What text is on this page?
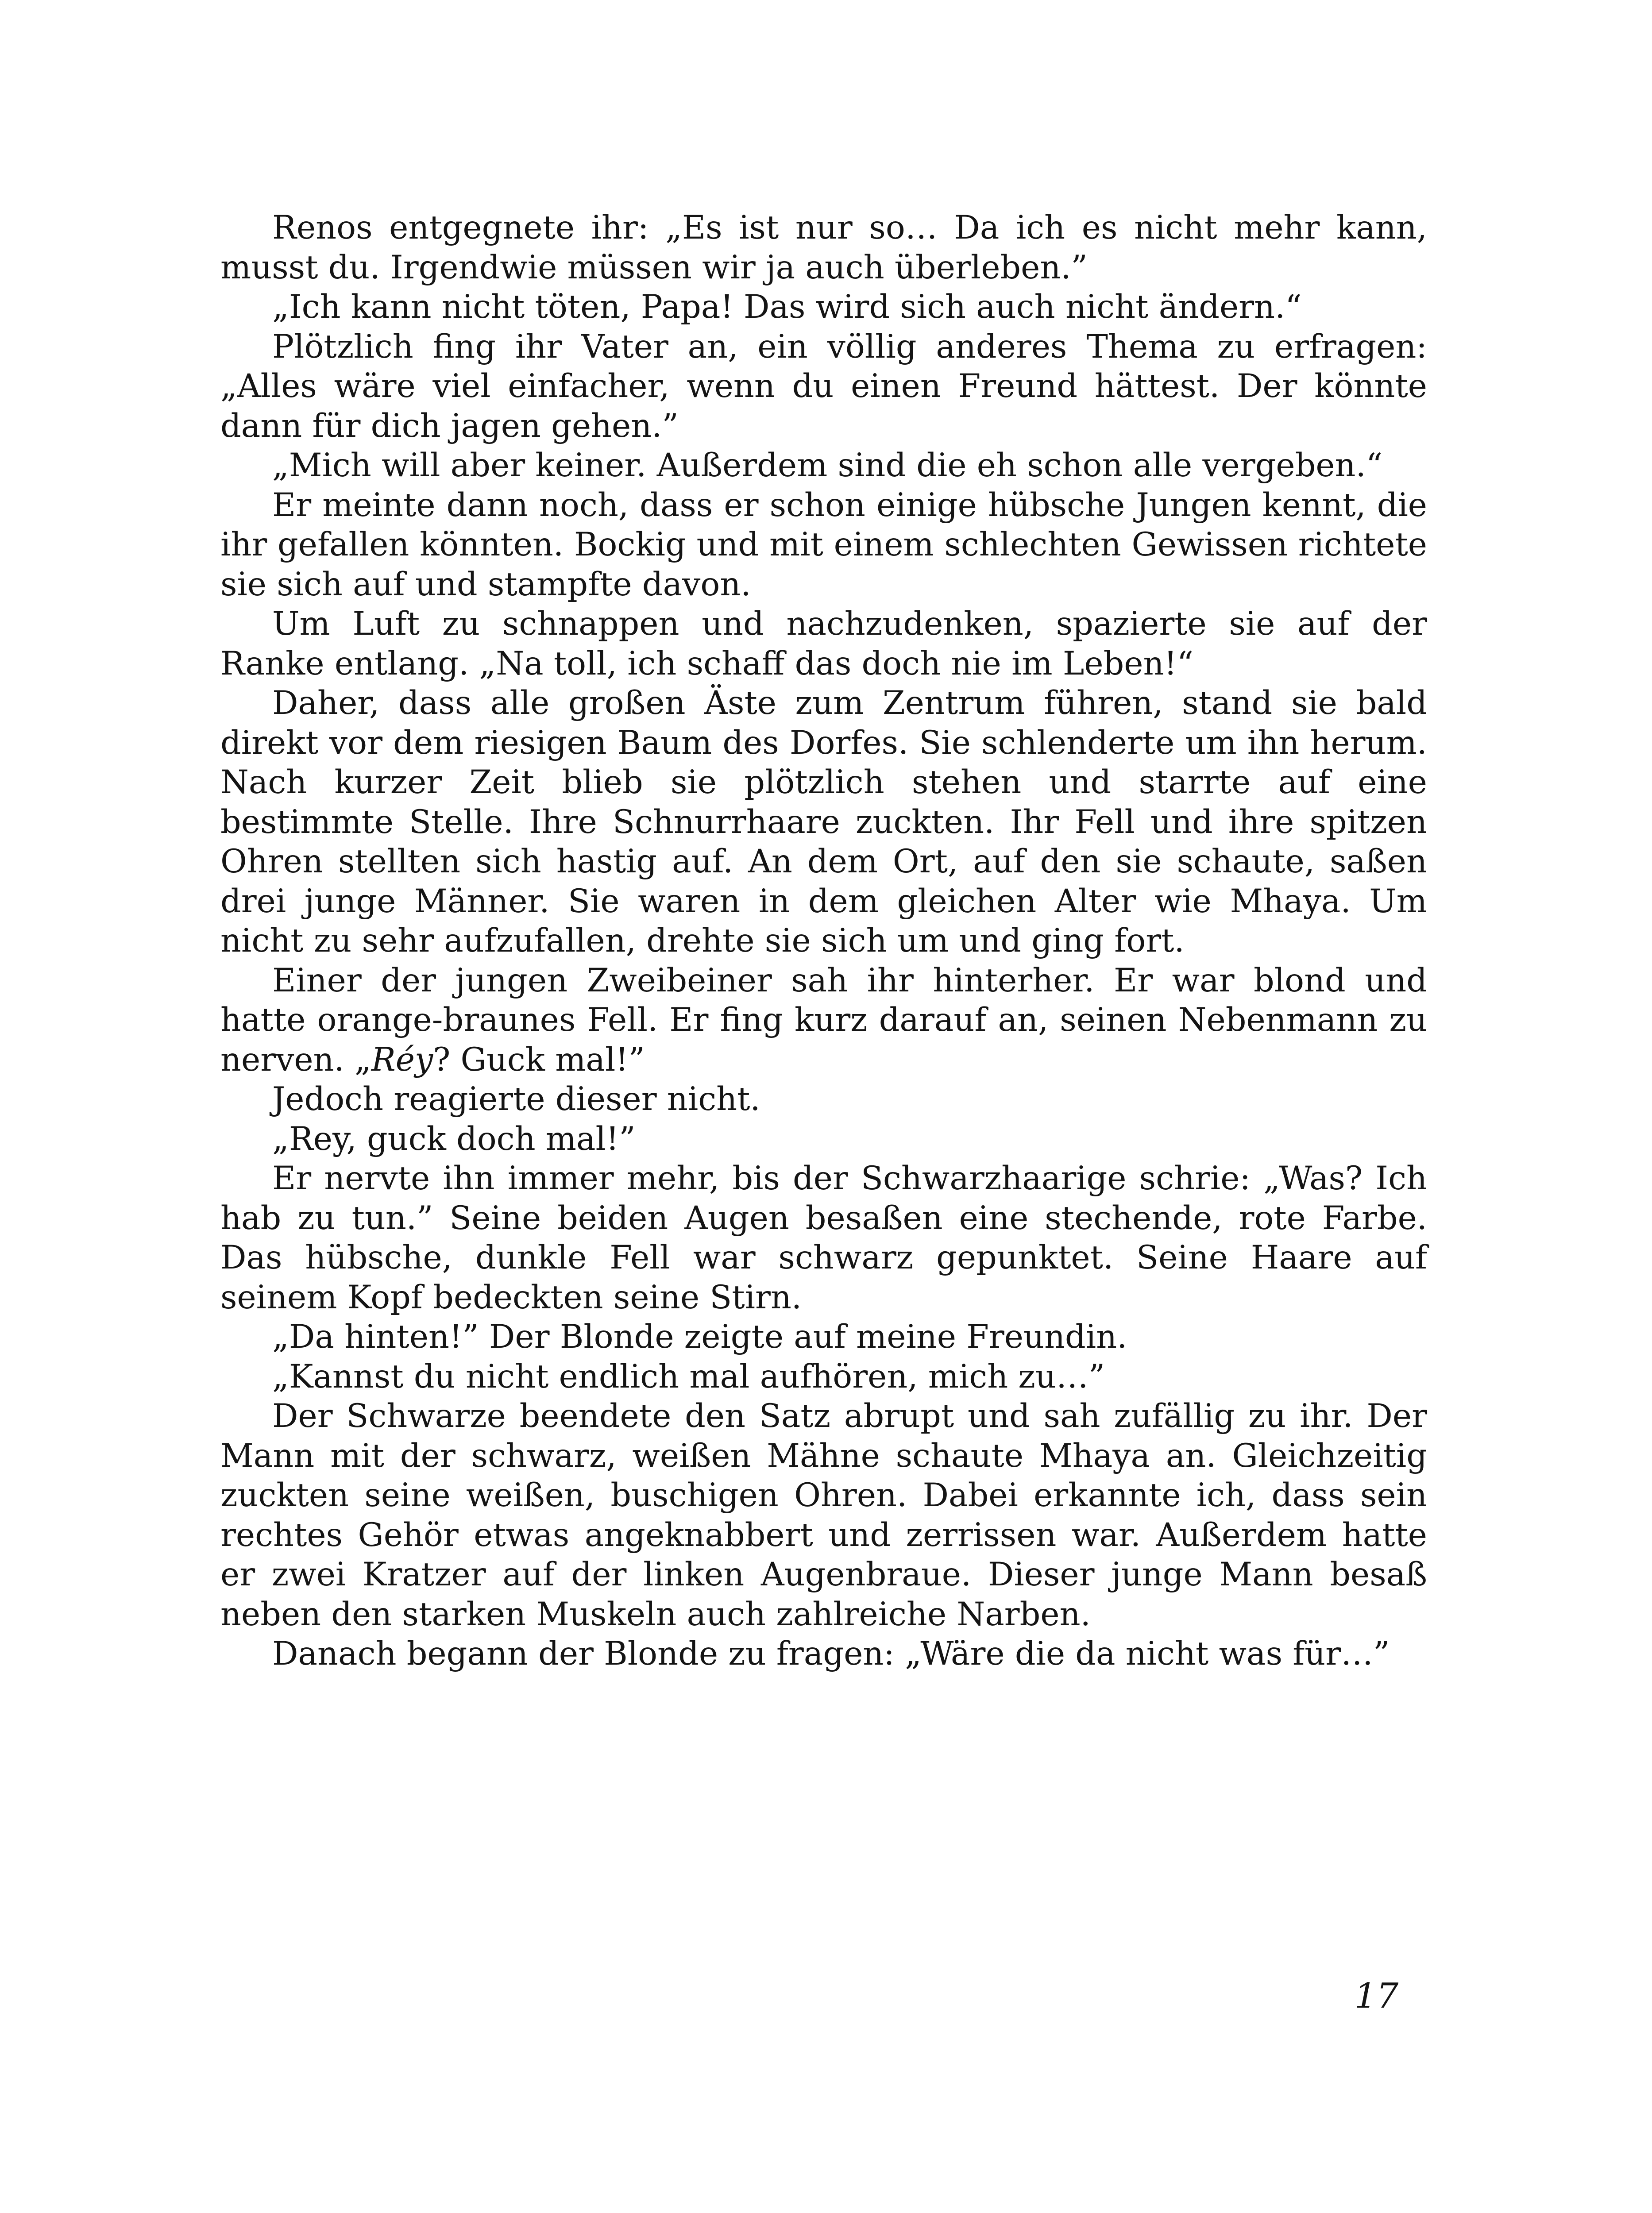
Renos entgegnete ihr: „Es ist nur so… Da ich es nicht mehr kann, musst du. Irgendwie müssen wir ja auch überleben.”

„Ich kann nicht töten, Papa! Das wird sich auch nicht ändern.“

Plötzlich fing ihr Vater an, ein völlig anderes Thema zu erfragen: „Alles wäre viel einfacher, wenn du einen Freund hättest. Der könnte dann für dich jagen gehen.”

„Mich will aber keiner. Außerdem sind die eh schon alle vergeben.“

Er meinte dann noch, dass er schon einige hübsche Jungen kennt, die ihr gefallen könnten. Bockig und mit einem schlechten Gewissen richtete sie sich auf und stampfte davon.

Um Luft zu schnappen und nachzudenken, spazierte sie auf der Ranke entlang. „Na toll, ich schaff das doch nie im Leben!“

Daher, dass alle großen Äste zum Zentrum führen, stand sie bald direkt vor dem riesigen Baum des Dorfes. Sie schlenderte um ihn herum. Nach kurzer Zeit blieb sie plötzlich stehen und starrte auf eine bestimmte Stelle. Ihre Schnurrhaare zuckten. Ihr Fell und ihre spitzen Ohren stellten sich hastig auf. An dem Ort, auf den sie schaute, saßen drei junge Männer. Sie waren in dem gleichen Alter wie Mhaya. Um nicht zu sehr aufzufallen, drehte sie sich um und ging fort.

Einer der jungen Zweibeiner sah ihr hinterher. Er war blond und hatte orange-braunes Fell. Er fing kurz darauf an, seinen Nebenmann zu nerven. „Réy? Guck mal!”

Jedoch reagierte dieser nicht.

„Rey, guck doch mal!”

Er nervte ihn immer mehr, bis der Schwarzhaarige schrie: „Was? Ich hab zu tun.” Seine beiden Augen besaßen eine stechende, rote Farbe. Das hübsche, dunkle Fell war schwarz gepunktet. Seine Haare auf seinem Kopf bedeckten seine Stirn.

„Da hinten!” Der Blonde zeigte auf meine Freundin.

„Kannst du nicht endlich mal aufhören, mich zu…”

Der Schwarze beendete den Satz abrupt und sah zufällig zu ihr. Der Mann mit der schwarz, weißen Mähne schaute Mhaya an. Gleichzeitig zuckten seine weißen, buschigen Ohren. Dabei erkannte ich, dass sein rechtes Gehör etwas angeknabbert und zerrissen war. Außerdem hatte er zwei Kratzer auf der linken Augenbraue. Dieser junge Mann besaß neben den starken Muskeln auch zahlreiche Narben.

Danach begann der Blonde zu fragen: „Wäre die da nicht was für…”

17
